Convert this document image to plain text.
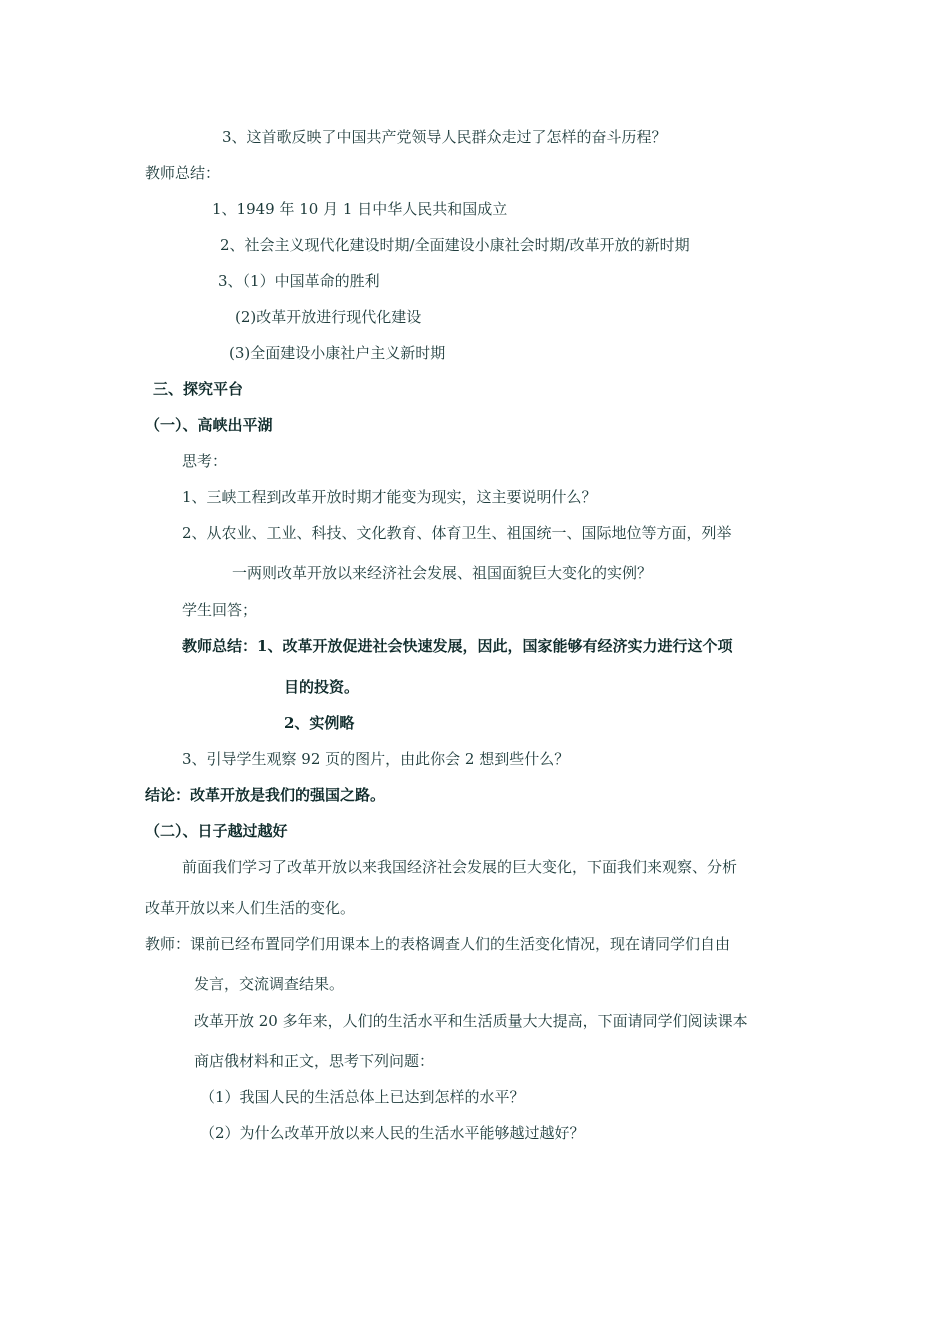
3、这首歌反映了中国共产党领导人民群众走过了怎样的奋斗历程？
教师总结：
1、1949 年 10 月 1 日中华人民共和国成立
2、社会主义现代化建设时期/全面建设小康社会时期/改革开放的新时期
3、（1）中国革命的胜利
(2)改革开放进行现代化建设
(3)全面建设小康社户主义新时期
三、探究平台
（一）、高峡出平湖
思考：
1、三峡工程到改革开放时期才能变为现实，这主要说明什么？
2、从农业、工业、科技、文化教育、体育卫生、祖国统一、国际地位等方面，列举
一两则改革开放以来经济社会发展、祖国面貌巨大变化的实例？
学生回答；
教师总结：1、改革开放促进社会快速发展，因此，国家能够有经济实力进行这个项
目的投资。
2、实例略
3、引导学生观察 92 页的图片，由此你会 2 想到些什么？
结论：改革开放是我们的强国之路。
（二）、日子越过越好
前面我们学习了改革开放以来我国经济社会发展的巨大变化，下面我们来观察、分析
改革开放以来人们生活的变化。
教师：课前已经布置同学们用课本上的表格调查人们的生活变化情况，现在请同学们自由
发言，交流调查结果。
改革开放 20 多年来，人们的生活水平和生活质量大大提高，下面请同学们阅读课本
商店俄材料和正文，思考下列问题：
（1）我国人民的生活总体上已达到怎样的水平？
（2）为什么改革开放以来人民的生活水平能够越过越好？
